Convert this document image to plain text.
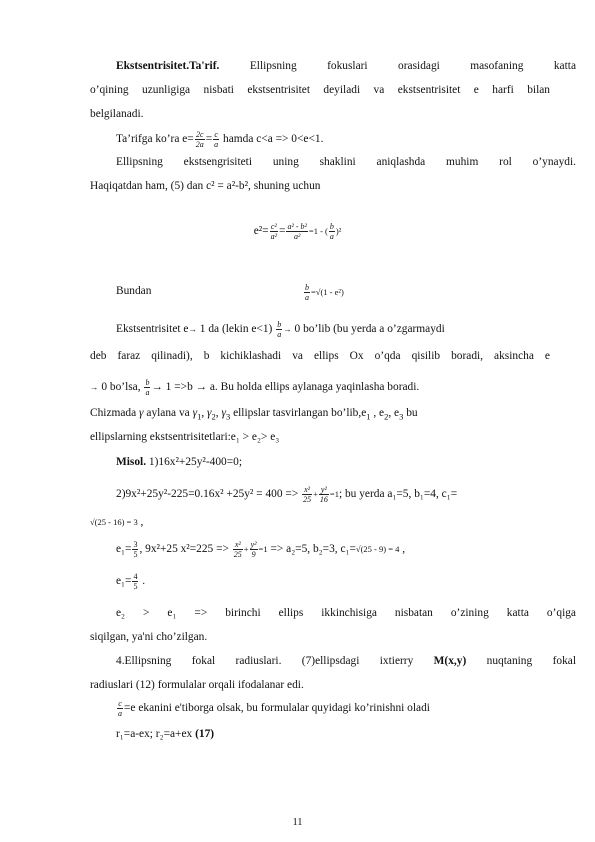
Ekstsentrisitet.Ta'rif. Ellipsning fokuslari orasidagi masofaning katta
o’qining uzunligiga nisbati ekstsentrisitet deyiladi va ekstsentrisitet e harfi bilan
belgilanadi.
Ta’rifga ko’ra $e= \frac{2c}{2a} = \frac{c}{a}$ hamda c<a => 0<e<1.
Ellipsning ekstsengrisiteti uning shaklini aniqlashda muhim rol o’ynaydi.
Haqiqatdan ham, (5) dan c² = a²-b², shuning uchun
$e^2= \frac{\text{c²}}{\text{a²}} = \frac{\text{a² - b²}}{\text{a²}} =1$ - ( $\frac{b}{a} )^2$
Bundan	$\frac{b}{a} =√(1 - e^2)$
Ekstsentrisitet e→ 1 da (lekin $e<1) \frac{b}{a} \to 0$ bo’lib (bu yerda a o’zgarmaydi
deb faraz qilinadi), b kichiklashadi va ellips Ox o’qda qisilib boradi, aksincha e
→ 0 bo’lsa, $\frac{b}{a} \to 1 =>b \to a$. Bu holda ellips aylanaga yaqinlasha boradi.
Chizmada γ aylana va $\gamma_1$, $\gamma_2$, $\gamma_3$ ellipslar tasvirlangan $bo’lib,e_1$ , $e_2$, $e_3$ bu
ellipslarning ekstsentrisitetlari:e₁ > e₂> e₃
Misol. 1)16x²+25y²-400=0;
$2)9x^2+25y^2-225=0.16x^2 +25y^2 = 400 => \frac{\text{x²}}{25} + \frac{\text{y²}}{16} =1$; bu yerda a₁=5, b₁=4, c₁=
√(25 - 16) = 3 ,
$e_1= \frac{3}{5}$ , 9x²+25 $x^2=225 => \frac{\text{x²}}{25} + \frac{\text{y²}}{9} =1 => a_2=5$, b₂=3, c₁=√(25 - 9) = 4 ,
$e_1= \frac{4}{5}$ .
e₂ > e₁ => birinchi ellips ikkinchisiga nisbatan o’zining katta o’qiga
siqilgan, ya'ni cho’zilgan.
4.Ellipsning fokal radiuslari. (7)ellipsdagi ixtierry M(x,y) nuqtaning fokal
radiuslari (12) formulalar orqali ifodalanar edi.
$\frac{c}{a} =e$ ekanini e'tiborga olsak, bu formulalar quyidagi ko’rinishni oladi
r₁=a-ex; r₂=a+ex (17)
11
